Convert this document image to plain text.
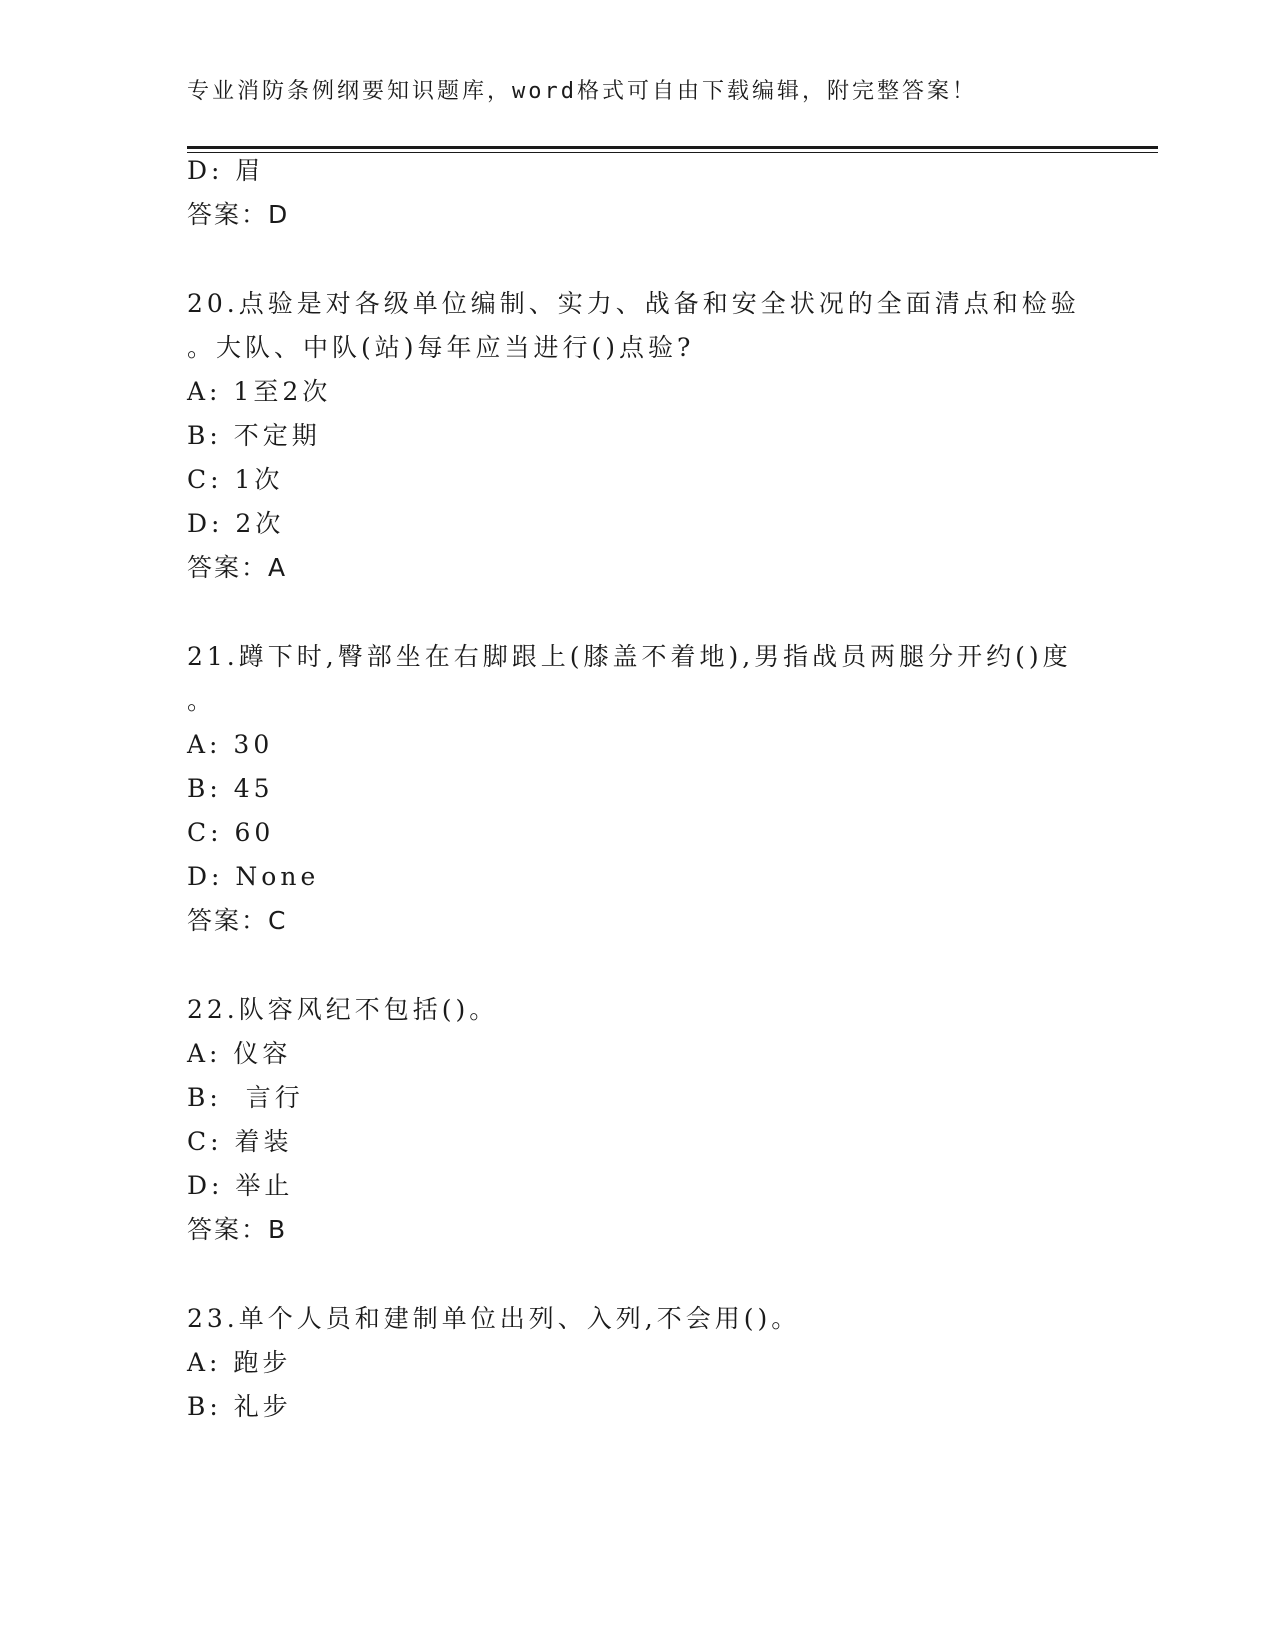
专业消防条例纲要知识题库，word格式可自由下载编辑，附完整答案！
D: 眉
答案：D
20.点验是对各级单位编制、实力、战备和安全状况的全面清点和检验
。大队、中队(站)每年应当进行()点验?
A: 1至2次
B: 不定期
C: 1次
D: 2次
答案：A
21.蹲下时,臀部坐在右脚跟上(膝盖不着地),男指战员两腿分开约()度
。
A: 30
B: 45
C: 60
D: None
答案：C
22.队容风纪不包括()。
A: 仪容
B:  言行
C: 着装
D: 举止
答案：B
23.单个人员和建制单位出列、入列,不会用()。
A: 跑步
B: 礼步
